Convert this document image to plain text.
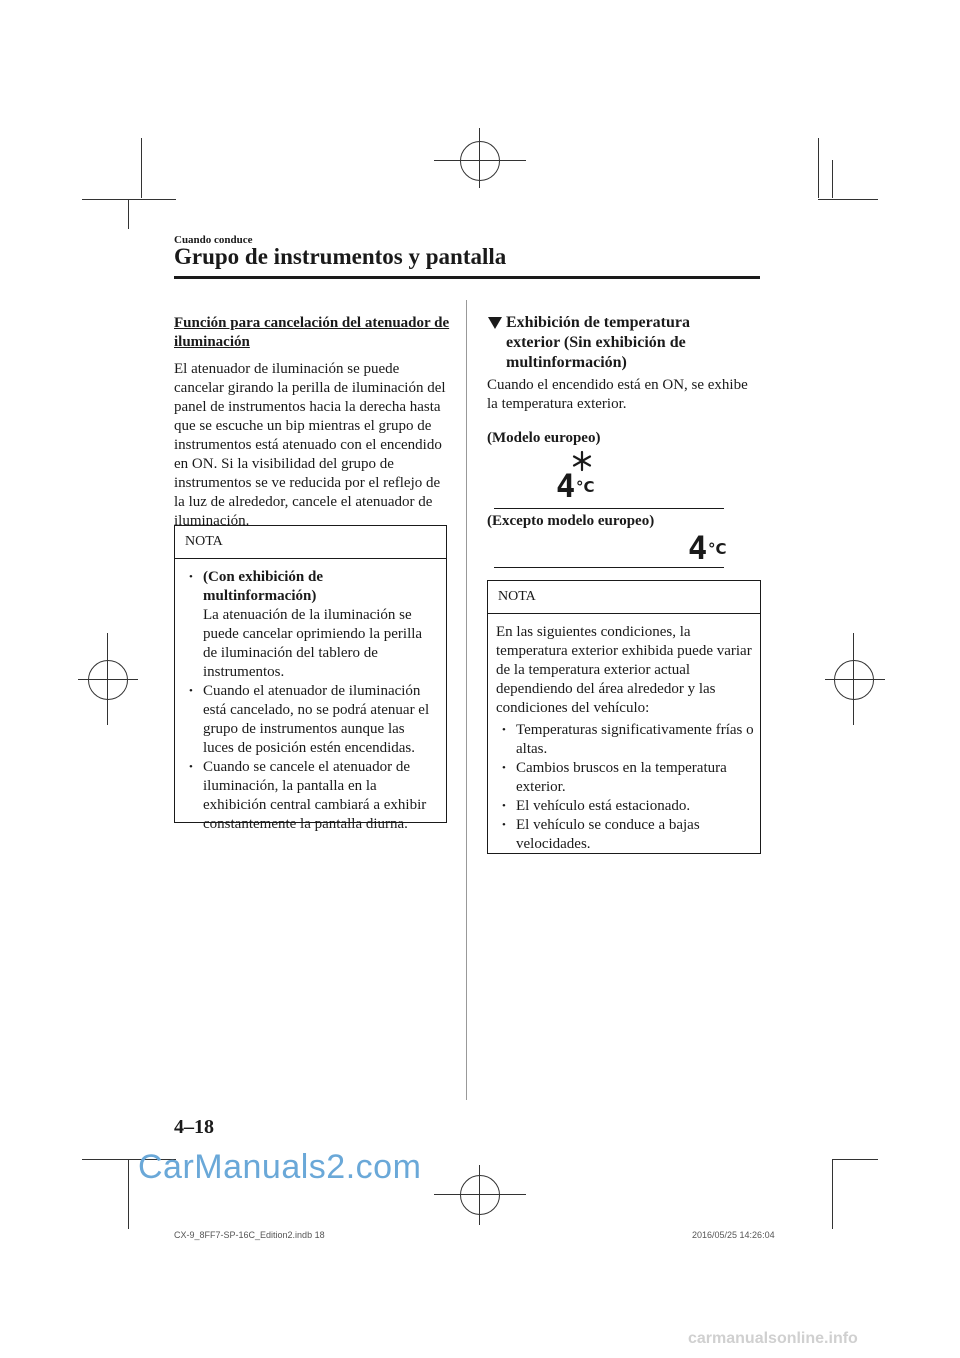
Cuando conduce
Grupo de instrumentos y pantalla

Función para cancelación del atenuador de iluminación

El atenuador de iluminación se puede cancelar girando la perilla de iluminación del panel de instrumentos hacia la derecha hasta que se escuche un bip mientras el grupo de instrumentos está atenuado con el encendido en ON. Si la visibilidad del grupo de instrumentos se ve reducida por el reflejo de la luz de alrededor, cancele el atenuador de iluminación.

NOTA
• (Con exhibición de multinformación)
La atenuación de la iluminación se puede cancelar oprimiendo la perilla de iluminación del tablero de instrumentos.
• Cuando el atenuador de iluminación está cancelado, no se podrá atenuar el grupo de instrumentos aunque las luces de posición estén encendidas.
• Cuando se cancele el atenuador de iluminación, la pantalla en la exhibición central cambiará a exhibir constantemente la pantalla diurna.

Exhibición de temperatura exterior (Sin exhibición de multinformación)

Cuando el encendido está en ON, se exhibe la temperatura exterior.

(Modelo europeo)
4 °C
(Excepto modelo europeo)
4 °C
NOTA

En las siguientes condiciones, la temperatura exterior exhibida puede variar de la temperatura exterior actual dependiendo del área alrededor y las condiciones del vehículo:

• Temperaturas significativamente frías o altas.
• Cambios bruscos en la temperatura exterior.
• El vehículo está estacionado.
• El vehículo se conduce a bajas velocidades.
4–18
CarManuals2.com
CX-9_8FF7-SP-16C_Edition2.indb 18	2016/05/25 14:26:04
carmanualsonline.info
